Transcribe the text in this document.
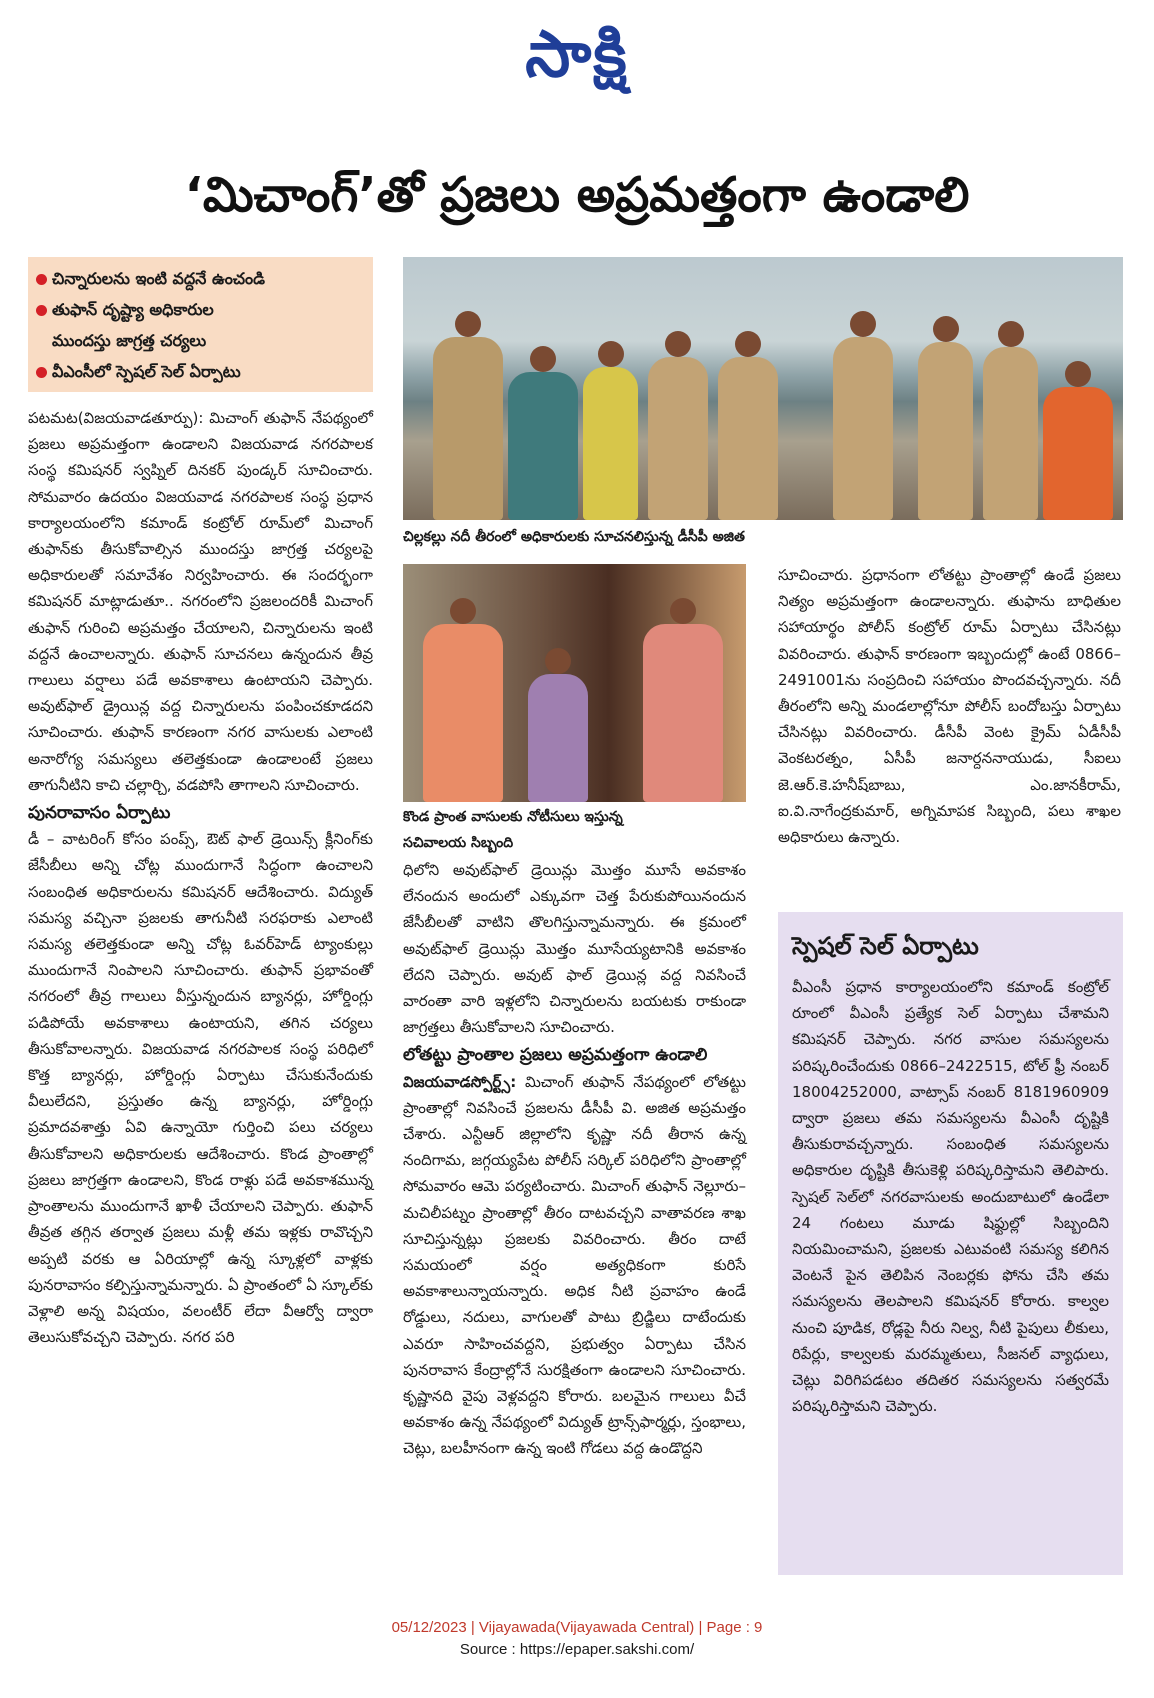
సాక్షి
‘మిచాంగ్’తో ప్రజలు అప్రమత్తంగా ఉండాలి
చిన్నారులను ఇంటి వద్దనే ఉంచండి
తుఫాన్ దృష్ట్యా అధికారుల
ముందస్తు జాగ్రత్త చర్యలు
వీఎంసీలో స్పెషల్ సెల్ ఏర్పాటు
చిల్లకల్లు నదీ తీరంలో అధికారులకు సూచనలిస్తున్న డీసీపీ అజిత
కొండ ప్రాంత వాసులకు నోటీసులు ఇస్తున్న
సచివాలయ సిబ్బంది

పటమట(విజయవాడతూర్పు): మిచాంగ్ తుఫాన్ నేపథ్యంలో ప్రజలు అప్రమత్తంగా ఉండాలని విజయవాడ నగరపాలక సంస్థ కమిషనర్ స్వప్నిల్ దినకర్ పుండ్కర్ సూచించారు. సోమవారం ఉదయం విజయవాడ నగరపాలక సంస్థ ప్రధాన కార్యాలయంలోని కమాండ్ కంట్రోల్ రూమ్‌లో మిచాంగ్ తుఫాన్‌కు తీసుకోవాల్సిన ముందస్తు జాగ్రత్త చర్యలపై అధికారులతో సమావేశం నిర్వహించారు. ఈ సందర్భంగా కమిషనర్ మాట్లాడుతూ.. నగరంలోని ప్రజలందరికీ మిచాంగ్ తుఫాన్ గురించి అప్రమత్తం చేయాలని, చిన్నారులను ఇంటి వద్దనే ఉంచాలన్నారు. తుఫాన్ సూచనలు ఉన్నందున తీవ్ర గాలులు వర్షాలు పడే అవకాశాలు ఉంటాయని చెప్పారు. అవుట్‌ఫాల్ డ్రైయిన్ల వద్ద చిన్నారులను పంపించకూడదని సూచించారు. తుఫాన్ కారణంగా నగర వాసులకు ఎలాంటి అనారోగ్య సమస్యలు తలెత్తకుండా ఉండాలంటే ప్రజలు తాగునీటిని కాచి చల్లార్చి, వడపోసి తాగాలని సూచించారు.

పునరావాసం ఏర్పాటు

డీ – వాటరింగ్ కోసం పంప్స్, ఔట్ ఫాల్ డ్రెయిన్స్ క్లీనింగ్‌కు జేసీబీలు అన్ని చోట్ల ముందుగానే సిద్ధంగా ఉంచాలని సంబంధిత అధికారులను కమిషనర్ ఆదేశించారు. విద్యుత్ సమస్య వచ్చినా ప్రజలకు తాగునీటి సరఫరాకు ఎలాంటి సమస్య తలెత్తకుండా అన్ని చోట్ల ఓవర్‌హెడ్ ట్యాంకుల్లు ముందుగానే నింపాలని సూచించారు. తుఫాన్ ప్రభావంతో నగరంలో తీవ్ర గాలులు వీస్తున్నందున బ్యానర్లు, హోర్డింగ్లు పడిపోయే అవకాశాలు ఉంటాయని, తగిన చర్యలు తీసుకోవాలన్నారు. విజయవాడ నగరపాలక సంస్థ పరిధిలో కొత్త బ్యానర్లు, హోర్డింగ్లు ఏర్పాటు చేసుకునేందుకు వీలులేదని, ప్రస్తుతం ఉన్న బ్యానర్లు, హోర్డింగ్లు ప్రమాదవశాత్తు ఏవి ఉన్నాయో గుర్తించి పలు చర్యలు తీసుకోవాలని అధికారులకు ఆదేశించారు. కొండ ప్రాంతాల్లో ప్రజలు జాగ్రత్తగా ఉండాలని, కొండ రాళ్లు పడే అవకాశమున్న ప్రాంతాలను ముందుగానే ఖాళీ చేయాలని చెప్పారు. తుఫాన్ తీవ్రత తగ్గిన తర్వాత ప్రజలు మళ్లీ తమ ఇళ్లకు రావొచ్చని అప్పటి వరకు ఆ ఏరియాల్లో ఉన్న స్కూళ్లలో వాళ్లకు పునరావాసం కల్పిస్తున్నామన్నారు. ఏ ప్రాంతంలో ఏ స్కూల్‌కు వెళ్లాలి అన్న విషయం, వలంటీర్ లేదా వీఆర్వో ద్వారా తెలుసుకోవచ్చని చెప్పారు. నగర పరి

ధిలోని అవుట్‌ఫాల్ డ్రెయిన్లు మొత్తం మూసే అవకాశం లేనందున అందులో ఎక్కువగా చెత్త పేరుకుపోయినందున జేసీబీలతో వాటిని తొలగిస్తున్నామన్నారు. ఈ క్రమంలో అవుట్‌ఫాల్ డ్రెయిన్లు మొత్తం మూసేయ్యటానికి అవకాశం లేదని చెప్పారు. అవుట్ ఫాల్ డ్రెయిన్ల వద్ద నివసించే వారంతా వారి ఇళ్లలోని చిన్నారులను బయటకు రాకుండా జాగ్రత్తలు తీసుకోవాలని సూచించారు.

లోతట్టు ప్రాంతాల ప్రజలు అప్రమత్తంగా ఉండాలి

విజయవాడస్పోర్ట్స్: మిచాంగ్ తుఫాన్ నేపథ్యంలో లోతట్టు ప్రాంతాల్లో నివసించే ప్రజలను డీసీపీ వి. అజిత అప్రమత్తం చేశారు. ఎన్టీఆర్ జిల్లాలోని కృష్ణా నదీ తీరాన ఉన్న నందిగామ, జగ్గయ్యపేట పోలీస్ సర్కిల్ పరిధిలోని ప్రాంతాల్లో సోమవారం ఆమె పర్యటించారు. మిచాంగ్ తుఫాన్ నెల్లూరు–మచిలీపట్నం ప్రాంతాల్లో తీరం దాటవచ్చని వాతావరణ శాఖ సూచిస్తున్నట్లు ప్రజలకు వివరించారు. తీరం దాటే సమయంలో వర్షం అత్యధికంగా కురిసే అవకాశాలున్నాయన్నారు. అధిక నీటి ప్రవాహం ఉండే రోడ్డులు, నదులు, వాగులతో పాటు బ్రిడ్జిలు దాటేందుకు ఎవరూ సాహించవద్దని, ప్రభుత్వం ఏర్పాటు చేసిన పునరావాస కేంద్రాల్లోనే సురక్షితంగా ఉండాలని సూచించారు. కృష్ణానది వైపు వెళ్లవద్దని కోరారు. బలమైన గాలులు వీచే అవకాశం ఉన్న నేపథ్యంలో విద్యుత్ ట్రాన్స్‌ఫార్మర్లు, స్తంభాలు, చెట్లు, బలహీనంగా ఉన్న ఇంటి గోడలు వద్ద ఉండొద్దని

సూచించారు. ప్రధానంగా లోతట్టు ప్రాంతాల్లో ఉండే ప్రజలు నిత్యం అప్రమత్తంగా ఉండాలన్నారు. తుఫాను బాధితుల సహాయార్థం పోలీస్ కంట్రోల్ రూమ్ ఏర్పాటు చేసినట్లు వివరించారు. తుఫాన్ కారణంగా ఇబ్బందుల్లో ఉంటే 0866–2491001ను సంప్రదించి సహాయం పొందవచ్చన్నారు. నదీ తీరంలోని అన్ని మండలాల్లోనూ పోలీస్ బందోబస్తు ఏర్పాటు చేసినట్లు వివరించారు. డీసీపీ వెంట క్రైమ్ ఏడీసీపీ వెంకటరత్నం, ఏసీపీ జనార్దననాయుడు, సీఐలు జె.ఆర్.కె.హనీష్‌బాబు, ఎం.జానకీరామ్, ఐ.వి.నాగేంద్రకుమార్, అగ్నిమాపక సిబ్బంది, పలు శాఖల అధికారులు ఉన్నారు.

స్పెషల్ సెల్ ఏర్పాటు
వీఎంసీ ప్రధాన కార్యాలయంలోని కమాండ్ కంట్రోల్ రూంలో వీఎంసీ ప్రత్యేక సెల్ ఏర్పాటు చేశామని కమిషనర్ చెప్పారు. నగర వాసుల సమస్యలను పరిష్కరించేందుకు 0866–2422515, టోల్ ఫ్రీ నంబర్ 18004252000, వాట్సాప్ నంబర్ 8181960909 ద్వారా ప్రజలు తమ సమస్యలను వీఎంసీ దృష్టికి తీసుకురావచ్చన్నారు. సంబంధిత సమస్యలను అధికారుల దృష్టికి తీసుకెళ్లి పరిష్కరిస్తామని తెలిపారు. స్పెషల్ సెల్‌లో నగరవాసులకు అందుబాటులో ఉండేలా 24 గంటలు మూడు షిఫ్టుల్లో సిబ్బందిని నియమించామని, ప్రజలకు ఎటువంటి సమస్య కలిగిన వెంటనే పైన తెలిపిన నెంబర్లకు ఫోను చేసి తమ సమస్యలను తెలపాలని కమిషనర్ కోరారు. కాల్వల నుంచి పూడిక, రోడ్లపై నీరు నిల్వ, నీటి పైపులు లీకులు, రిపేర్లు, కాల్వలకు మరమ్మతులు, సీజనల్ వ్యాధులు, చెట్లు విరిగిపడటం తదితర సమస్యలను సత్వరమే పరిష్కరిస్తామని చెప్పారు.
05/12/2023 | Vijayawada(Vijayawada Central) | Page : 9
Source : https://epaper.sakshi.com/
